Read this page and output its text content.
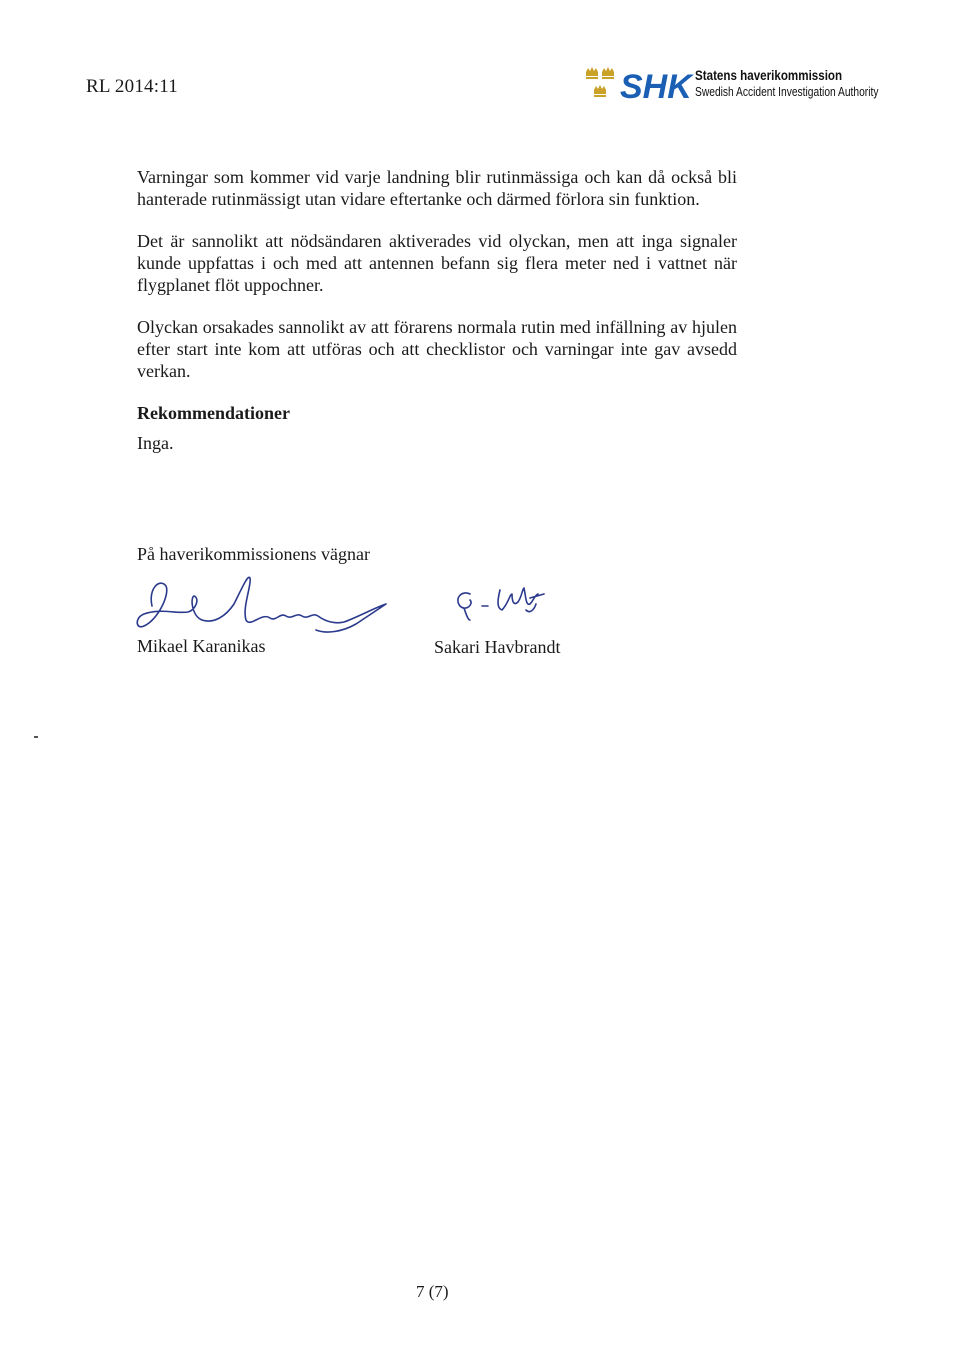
RL 2014:11	SHK Statens haverikommission
Swedish Accident Investigation Authority

Varningar som kommer vid varje landning blir rutinmässiga och kan då också bli hanterade rutinmässigt utan vidare eftertanke och därmed förlora sin funktion.

Det är sannolikt att nödsändaren aktiverades vid olyckan, men att inga signaler kunde uppfattas i och med att antennen befann sig flera meter ned i vattnet när flygplanet flöt uppochner.

Olyckan orsakades sannolikt av att förarens normala rutin med infällning av hjulen efter start inte kom att utföras och att checklistor och varningar inte gav avsedd verkan.

Rekommendationer

Inga.

På haverikommissionens vägnar
Mikael Karanikas	Sakari Havbrandt
7 (7)
